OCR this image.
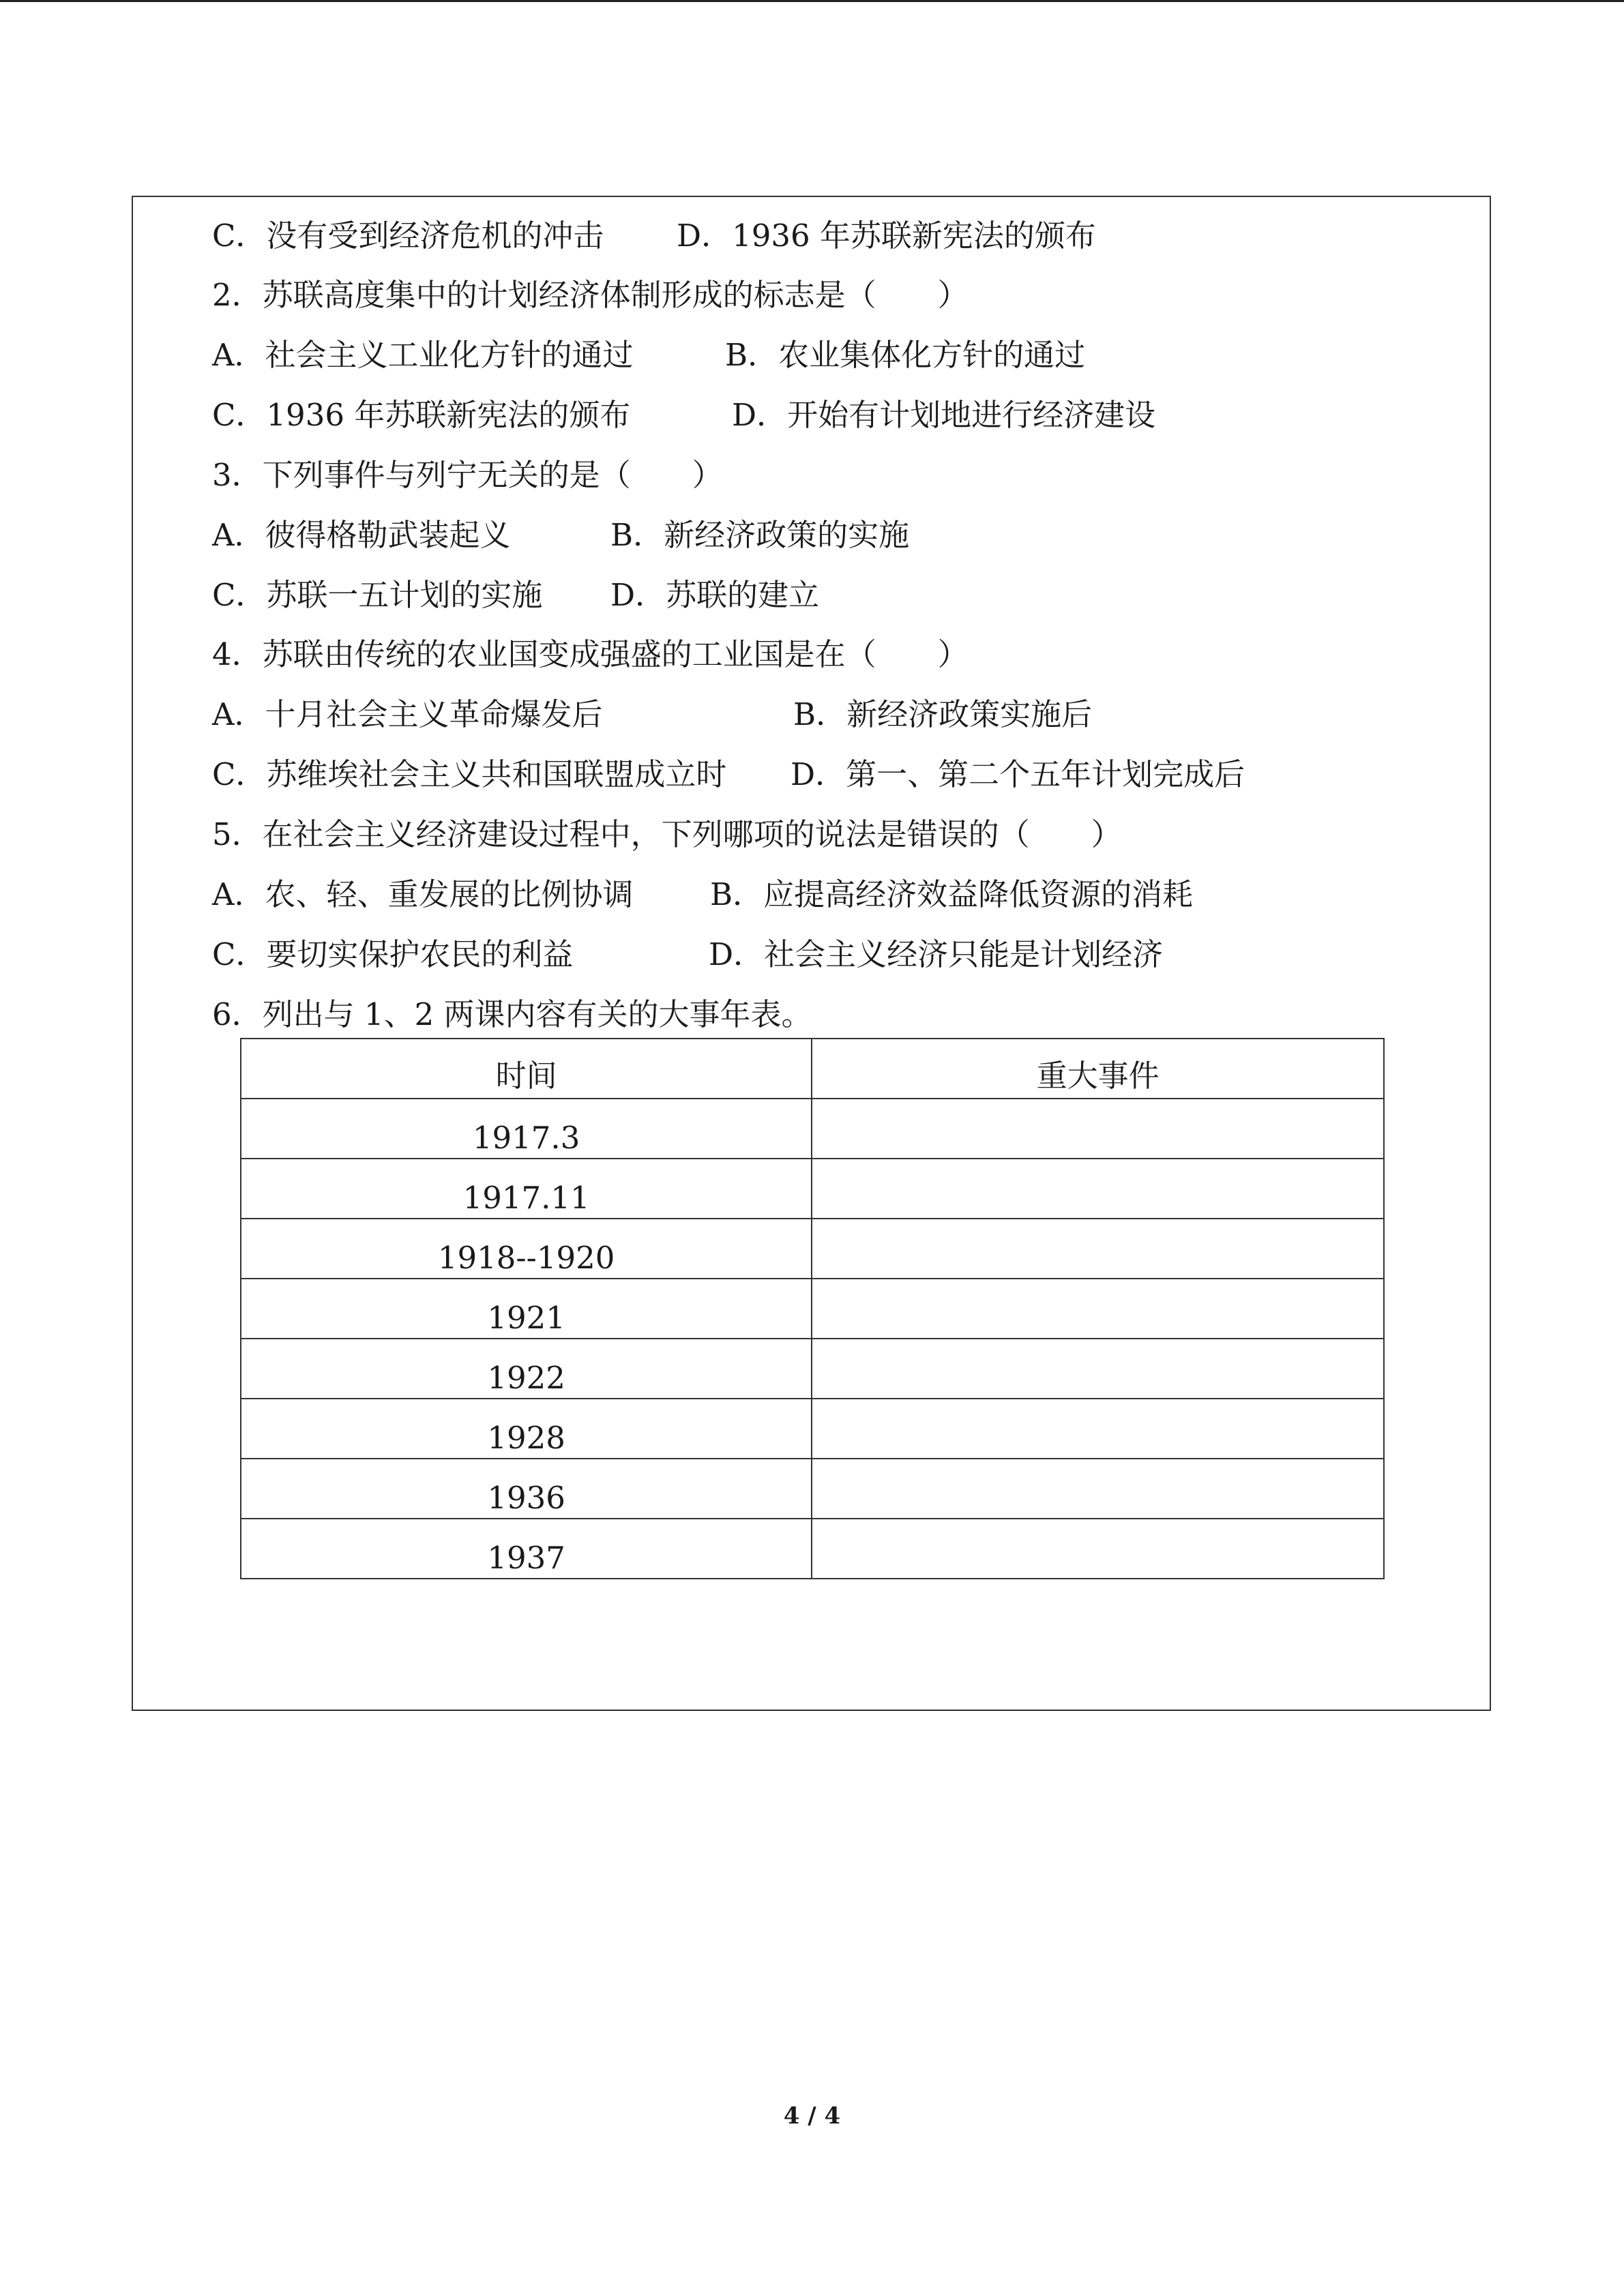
C．没有受到经济危机的冲击 D．1936 年苏联新宪法的颁布
2．苏联高度集中的计划经济体制形成的标志是（　　）
A．社会主义工业化方针的通过	B．农业集体化方针的通过
C．1936 年苏联新宪法的颁布	D．开始有计划地进行经济建设
3．下列事件与列宁无关的是（　　）
A．彼得格勒武装起义	B．新经济政策的实施
C．苏联一五计划的实施 D．苏联的建立
4．苏联由传统的农业国变成强盛的工业国是在（　　）
A．十月社会主义革命爆发后	B．新经济政策实施后
C．苏维埃社会主义共和国联盟成立时 D．第一、第二个五年计划完成后
5．在社会主义经济建设过程中，下列哪项的说法是错误的（　　）
A．农、轻、重发展的比例协调	B．应提高经济效益降低资源的消耗
C．要切实保护农民的利益	D．社会主义经济只能是计划经济
6．列出与 1、2 两课内容有关的大事年表。
时间	重大事件

1917.3	

1917.11	

1918--1920	

1921	

1922	

1928	

1936	

1937	

4 / 4
